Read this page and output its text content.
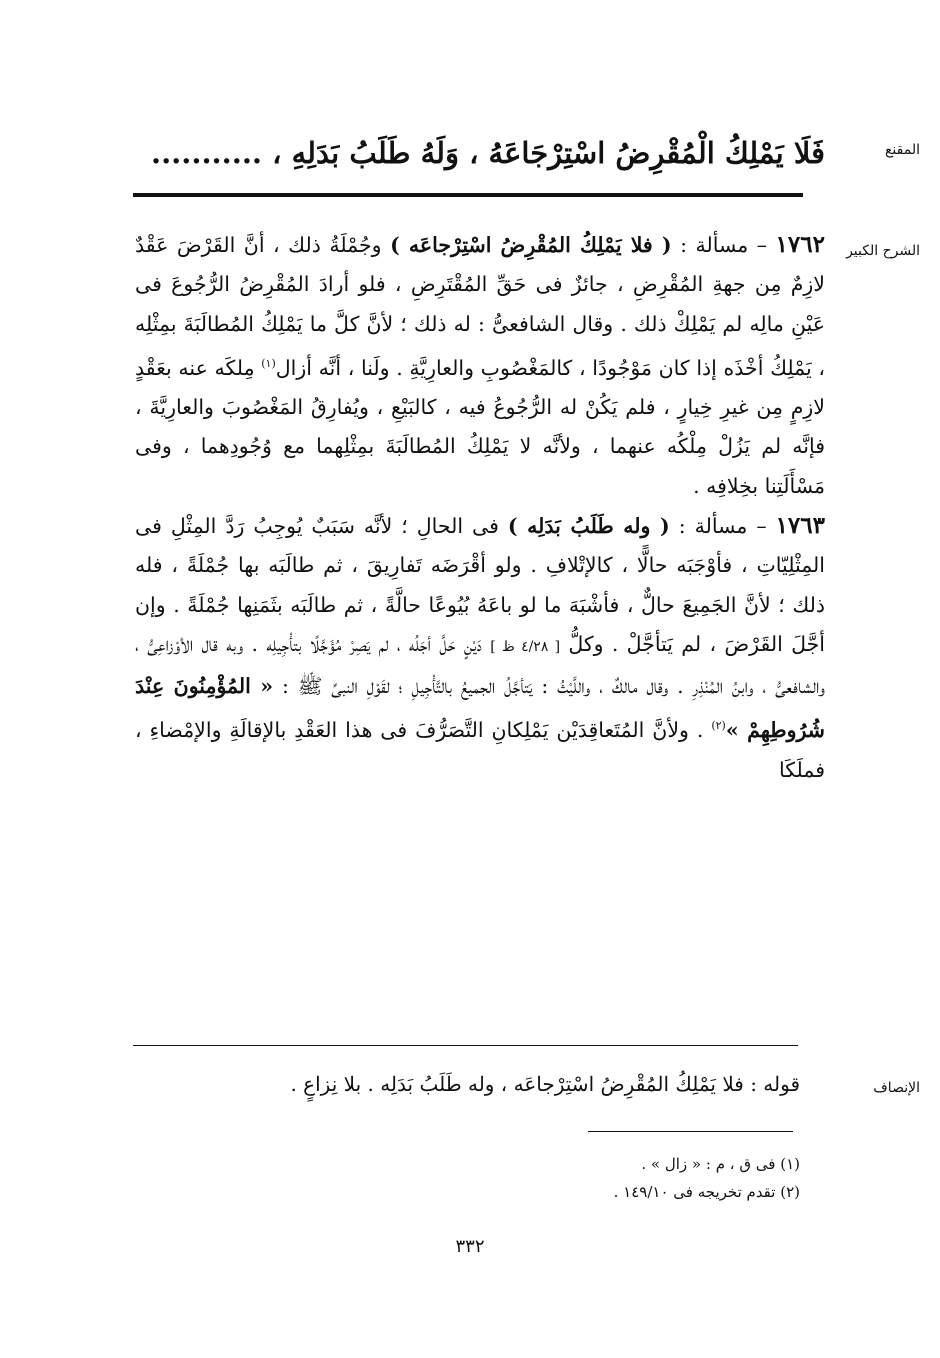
المقنع
فَلَا يَمْلِكُ الْمُقْرِضُ اسْتِرْجَاعَهُ ، وَلَهُ طَلَبُ بَدَلِهِ ، ...........
الشرح الكبير

١٧٦٢ – مسألة : ( فلا يَمْلِكُ المُقْرِضُ اسْتِرْجاعَه ) وجُمْلَةُ ذلك ، أنَّ القَرْضَ عَقْدٌ لازِمٌ مِن جهةِ المُقْرِضِ ، جائزٌ فى حَقِّ المُقْتَرِضِ ، فلو أرادَ المُقْرِضُ الرُّجُوعَ فى عَيْنِ مالِه لم يَمْلِكْ ذلك . وقال الشافعىُّ : له ذلك ؛ لأنَّ كلَّ ما يَمْلِكُ المُطالَبَةَ بمِثْلِه ، يَمْلِكُ أخْذَه إذا كان مَوْجُودًا ، كالمَغْصُوبِ والعارِيَّةِ . ولَنا ، أنَّه أزال$^{(١)}$ مِلكَه عنه بعَقْدٍ لازِمٍ مِن غيرِ خِيارٍ ، فلم يَكُنْ له الرُّجُوعُ فيه ، كالبَيْعِ ، ويُفارِقُ المَغْصُوبَ والعارِيَّةَ ، فإنَّه لم يَزُلْ مِلْكُه عنهما ، ولأنَّه لا يَمْلِكُ المُطالَبَةَ بمِثْلِهما مع وُجُودِهما ، وفى مَسْأَلَتِنا بخِلافِه .

١٧٦٣ – مسألة : ( وله طَلَبُ بَدَلِه ) فى الحالِ ؛ لأنَّه سَبَبٌ يُوجِبُ رَدَّ المِثْلِ فى المِثْلِيّاتِ ، فأوْجَبَه حالًّا ، كالإتْلافِ . ولو أقْرَضَه تَفارِيقَ ، ثم طالَبَه بها جُمْلَةً ، فله ذلك ؛ لأنَّ الجَمِيعَ حالٌّ ، فأشْبَهَ ما لو باعَهُ بُيُوعًا حالَّةً ، ثم طالَبَه بثَمَنِها جُمْلَةً . وإن أجَّلَ القَرْضَ ، لم يَتأجَّلْ . وكلُّ [ ٤/٢٨ ظ ] دَيْنٍ حَلَّ أجَلُه ، لم يَصِرْ مُؤَجَّلًا بتأْجِيلِه . وبه قال الأوْزاعِىُّ ، والشافعىُّ ، وابنُ المُنْذِرِ . وقال مالكٌ ، واللَّيْثُ : يَتأجَّلُ الجميعُ بالتَّأْجِيلِ ؛ لقَوْلِ النبىِّ ﷺ : « المُؤْمِنُونَ عِنْدَ شُرُوطِهِمْ »$^{(٢)}$ . ولأنَّ المُتَعاقِدَيْن يَمْلِكانِ التَّصَرُّفَ فى هذا العَقْدِ بالإقالَةِ والإمْضاءِ ، فملَكَا

الإنصاف
قوله : فلا يَمْلِكُ المُقْرِضُ اسْتِرْجاعَه ، وله طَلَبُ بَدَلِه . بلا نِزاعٍ .
(١) فى ق ، م : « زال » .
(٢) تقدم تخريجه فى ١٤٩/١٠ .
٣٣٢
